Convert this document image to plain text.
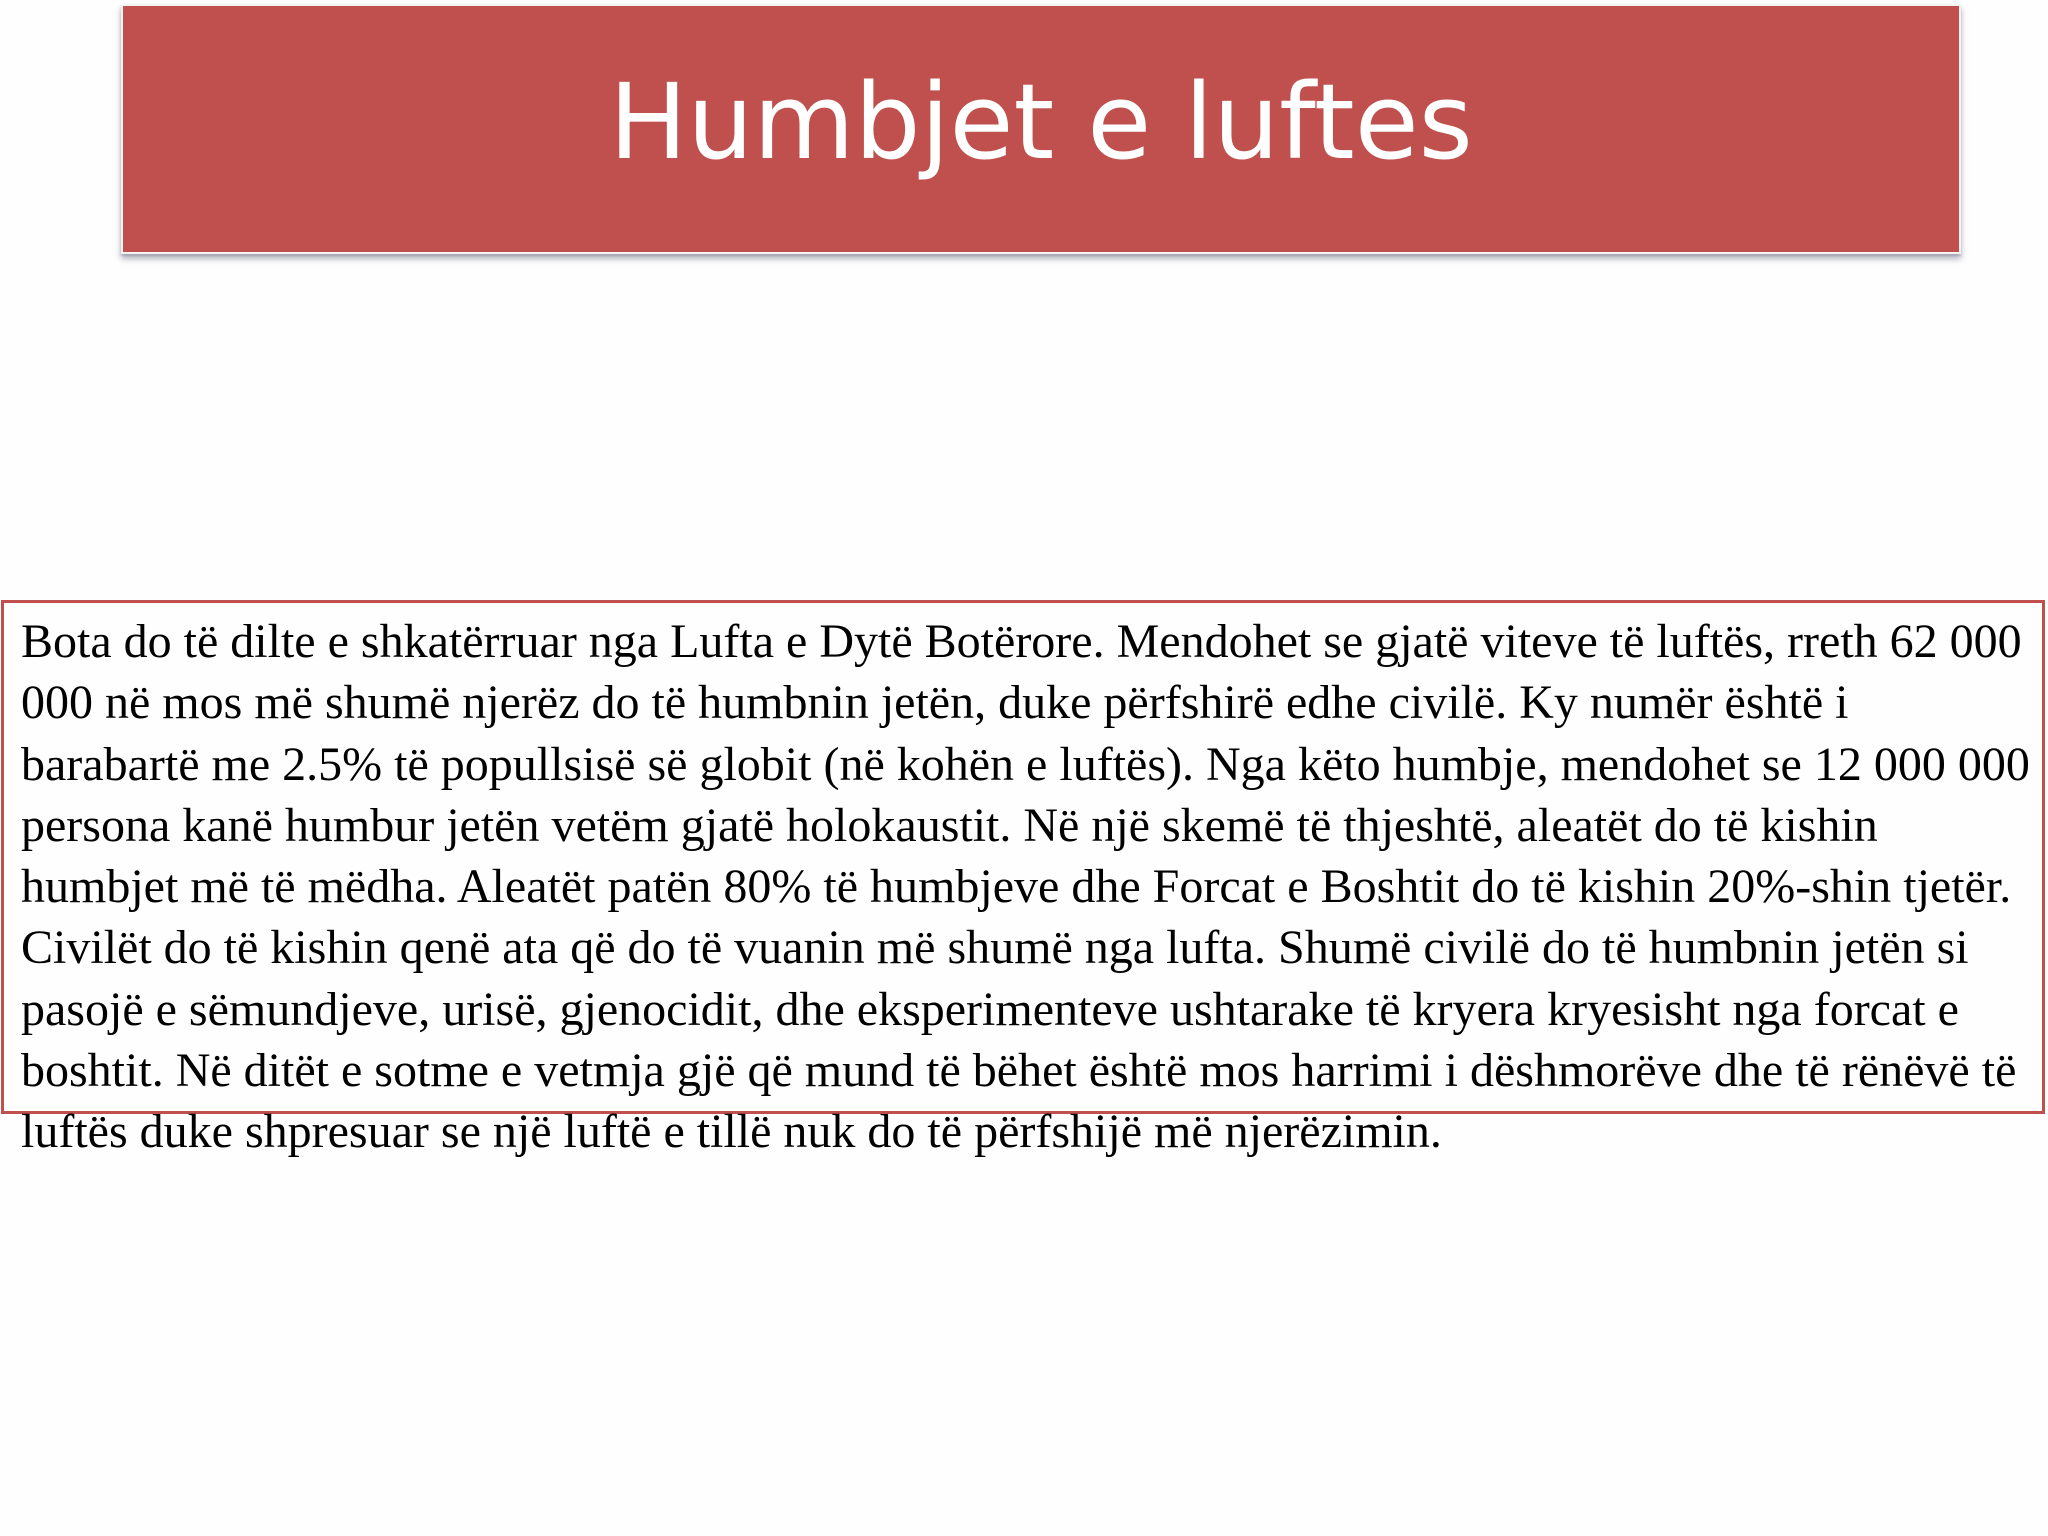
Humbjet e luftes

Bota do të dilte e shkatërruar nga Lufta e Dytë Botërore. Mendohet se gjatë viteve të luftës, rreth 62 000 000 në mos më shumë njerëz do të humbnin jetën, duke përfshirë edhe civilë. Ky numër është i barabartë me 2.5% të popullsisë së globit (në kohën e luftës). Nga këto humbje, mendohet se 12 000 000 persona kanë humbur jetën vetëm gjatë holokaustit. Në një skemë të thjeshtë, aleatët do të kishin humbjet më të mëdha. Aleatët patën 80% të humbjeve dhe Forcat e Boshtit do të kishin 20%-shin tjetër. Civilët do të kishin qenë ata që do të vuanin më shumë nga lufta. Shumë civilë do të humbnin jetën si pasojë e sëmundjeve, urisë, gjenocidit, dhe eksperimenteve ushtarake të kryera kryesisht nga forcat e boshtit. Në ditët e sotme e vetmja gjë që mund të bëhet është mos harrimi i dëshmorëve dhe të rënëvë të luftës duke shpresuar se një luftë e tillë nuk do të përfshijë më njerëzimin.
